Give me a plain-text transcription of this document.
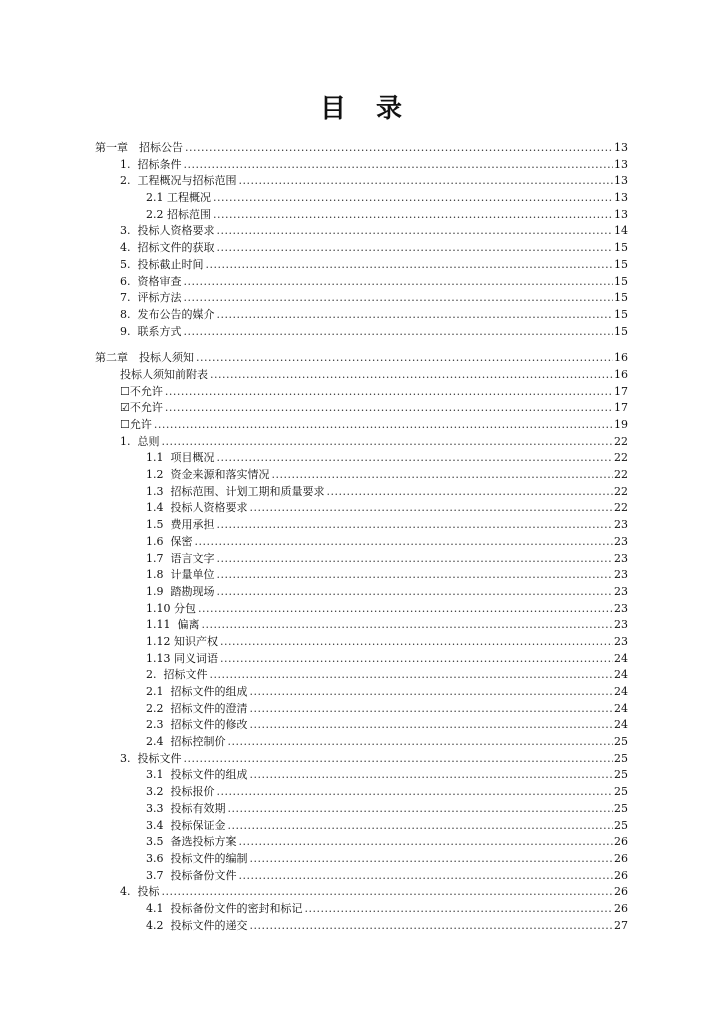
目　录
第一章　招标公告 .....	13
1.  招标条件 .....	13
2.  工程概况与招标范围 .....	13
2.1 工程概况 .....	13
2.2 招标范围 .....	13
3.  投标人资格要求 .....	14
4.  招标文件的获取 .....	15
5.  投标截止时间 .....	15
6.  资格审查 .....	15
7.  评标方法 .....	15
8.  发布公告的媒介 .....	15
9.  联系方式 .....	15
第二章　投标人须知 .....	16
投标人须知前附表 .....	16
☐不允许 .....	17
☑不允许 .....	17
☐允许 .....	19
1.  总则 .....	22
1.1  项目概况 .....	22
1.2  资金来源和落实情况 .....	22
1.3  招标范围、计划工期和质量要求 .....	22
1.4  投标人资格要求 .....	22
1.5  费用承担 .....	23
1.6  保密 .....	23
1.7  语言文字 .....	23
1.8  计量单位 .....	23
1.9  踏勘现场 .....	23
1.10 分包 .....	23
1.11  偏离 .....	23
1.12 知识产权 .....	23
1.13 同义词语 .....	24
2.  招标文件 .....	24
2.1  招标文件的组成 .....	24
2.2  招标文件的澄清 .....	24
2.3  招标文件的修改 .....	24
2.4  招标控制价 .....	25
3.  投标文件 .....	25
3.1  投标文件的组成 .....	25
3.2  投标报价 .....	25
3.3  投标有效期 .....	25
3.4  投标保证金 .....	25
3.5  备选投标方案 .....	26
3.6  投标文件的编制 .....	26
3.7  投标备份文件 .....	26
4.  投标 .....	26
4.1  投标备份文件的密封和标记 .....	26
4.2  投标文件的递交 .....	27
